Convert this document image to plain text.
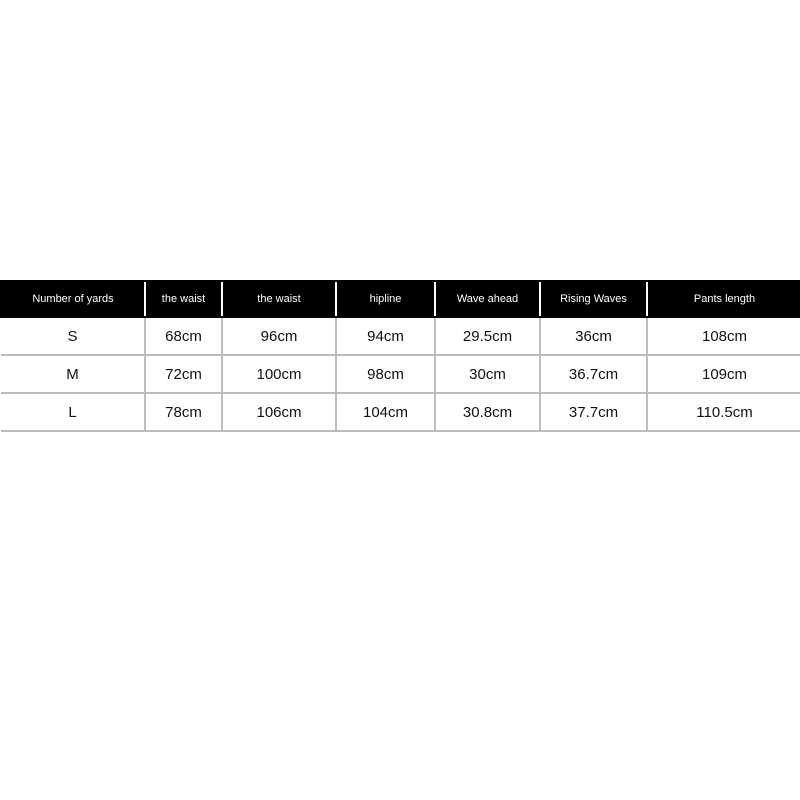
Number of yards	the waist	the waist	hipline	Wave ahead	Rising Waves	Pants length
S	68cm	96cm	94cm	29.5cm	36cm	108cm
M	72cm	100cm	98cm	30cm	36.7cm	109cm
L	78cm	106cm	104cm	30.8cm	37.7cm	110.5cm
